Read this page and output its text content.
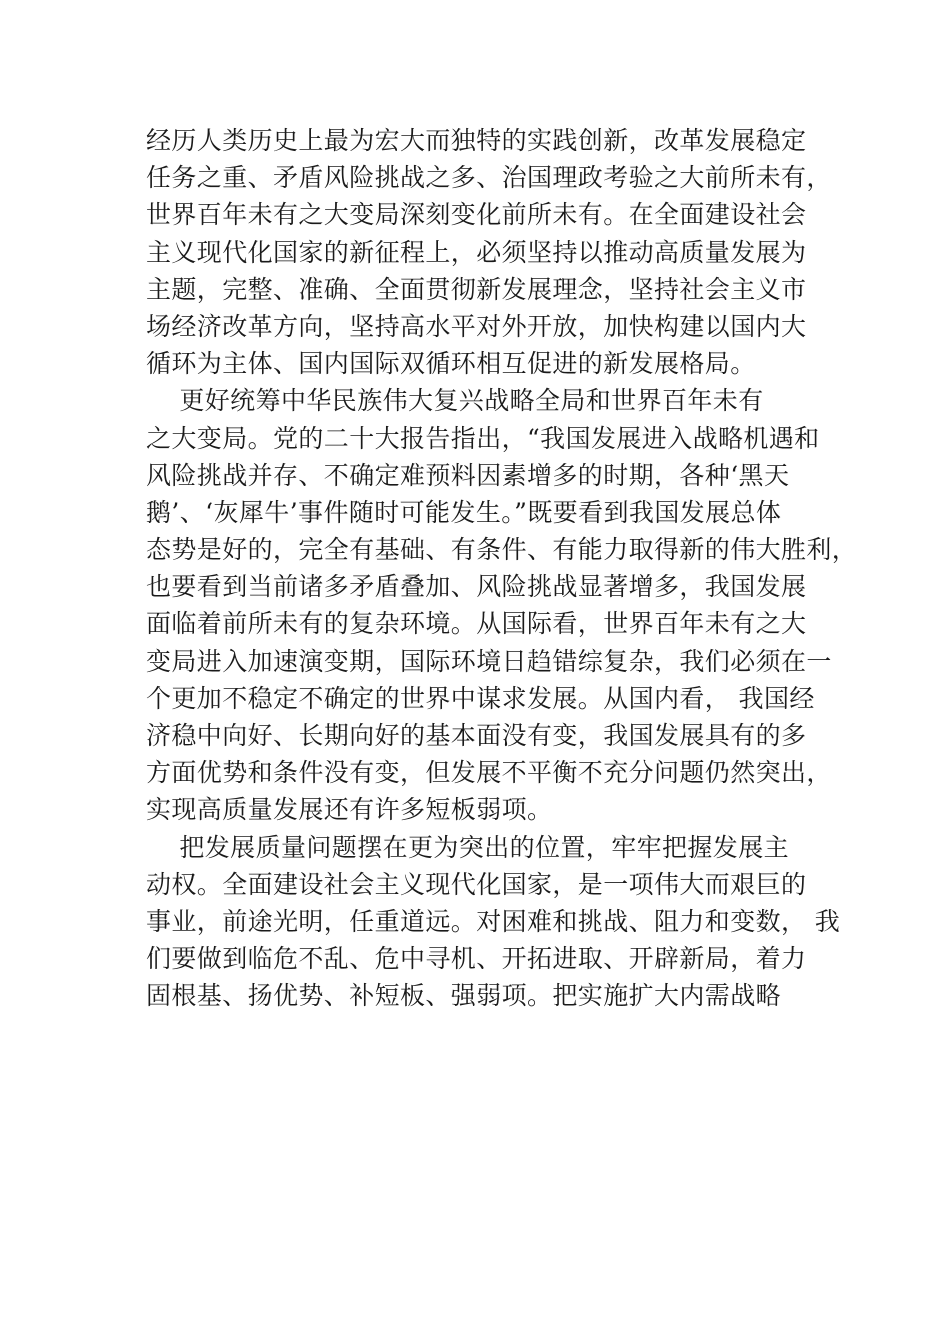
经历人类历史上最为宏大而独特的实践创新，改革发展稳定
任务之重、矛盾风险挑战之多、治国理政考验之大前所未有，
世界百年未有之大变局深刻变化前所未有。在全面建设社会
主义现代化国家的新征程上，必须坚持以推动高质量发展为
主题，完整、准确、全面贯彻新发展理念，坚持社会主义市
场经济改革方向，坚持高水平对外开放，加快构建以国内大
循环为主体、国内国际双循环相互促进的新发展格局。
更好统筹中华民族伟大复兴战略全局和世界百年未有
之大变局。党的二十大报告指出，“我国发展进入战略机遇和
风险挑战并存、不确定难预料因素增多的时期，各种‘黑天
鹅’、‘灰犀牛’事件随时可能发生。”既要看到我国发展总体
态势是好的，完全有基础、有条件、有能力取得新的伟大胜利，
也要看到当前诸多矛盾叠加、风险挑战显著增多，我国发展
面临着前所未有的复杂环境。从国际看，世界百年未有之大
变局进入加速演变期，国际环境日趋错综复杂，我们必须在一
个更加不稳定不确定的世界中谋求发展。从国内看， 我国经
济稳中向好、长期向好的基本面没有变，我国发展具有的多
方面优势和条件没有变，但发展不平衡不充分问题仍然突出，
实现高质量发展还有许多短板弱项。
把发展质量问题摆在更为突出的位置，牢牢把握发展主
动权。全面建设社会主义现代化国家，是一项伟大而艰巨的
事业，前途光明，任重道远。对困难和挑战、阻力和变数， 我
们要做到临危不乱、危中寻机、开拓进取、开辟新局，着力
固根基、扬优势、补短板、强弱项。把实施扩大内需战略
